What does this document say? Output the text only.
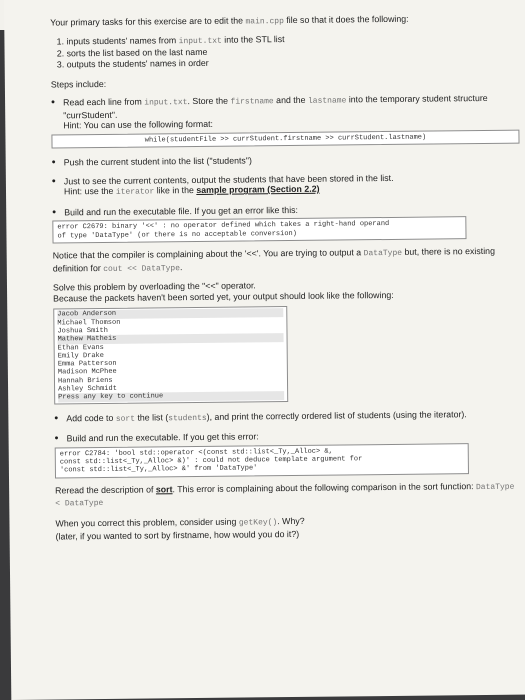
Your primary tasks for this exercise are to edit the main.cpp file so that it does the following:

1. inputs students' names from input.txt into the STL list
2. sorts the list based on the last name
3. outputs the students' names in order

Steps include:

• Read each line from input.txt. Store the firstname and the lastname into the temporary student structure "currStudent".

Hint: You can use the following format:

while(studentFile >> currStudent.firstname >> currStudent.lastname)

• Push the current student into the list ("students")

• Just to see the current contents, output the students that have been stored in the list.

Hint: use the iterator like in the sample program (Section 2.2)

• Build and run the executable file. If you get an error like this:

error C2679: binary '<<' : no operator defined which takes a right-hand operand
of type 'DataType' (or there is no acceptable conversion)

Notice that the compiler is complaining about the '<<'. You are trying to output a DataType but, there is no existing definition for cout << DataType.

Solve this problem by overloading the "<<" operator.

Because the packets haven't been sorted yet, your output should look like the following:

Jacob Anderson
Michael Thomson
Joshua Smith
Mathew Matheis
Ethan Evans
Emily Drake
Emma Patterson
Madison McPhee
Hannah Briens
Ashley Schmidt
Press any key to continue

• Add code to sort the list (students), and print the correctly ordered list of students (using the iterator).

• Build and run the executable. If you get this error:

error C2784: 'bool std::operator <(const std::list<_Ty,_Alloc> &,
const std::list<_Ty,_Alloc> &)' : could not deduce template argument for
'const std::list<_Ty,_Alloc> &' from 'DataType'

Reread the description of sort. This error is complaining about the following comparison in the sort function: DataType < DataType

When you correct this problem, consider using getKey(). Why?

(later, if you wanted to sort by firstname, how would you do it?)
